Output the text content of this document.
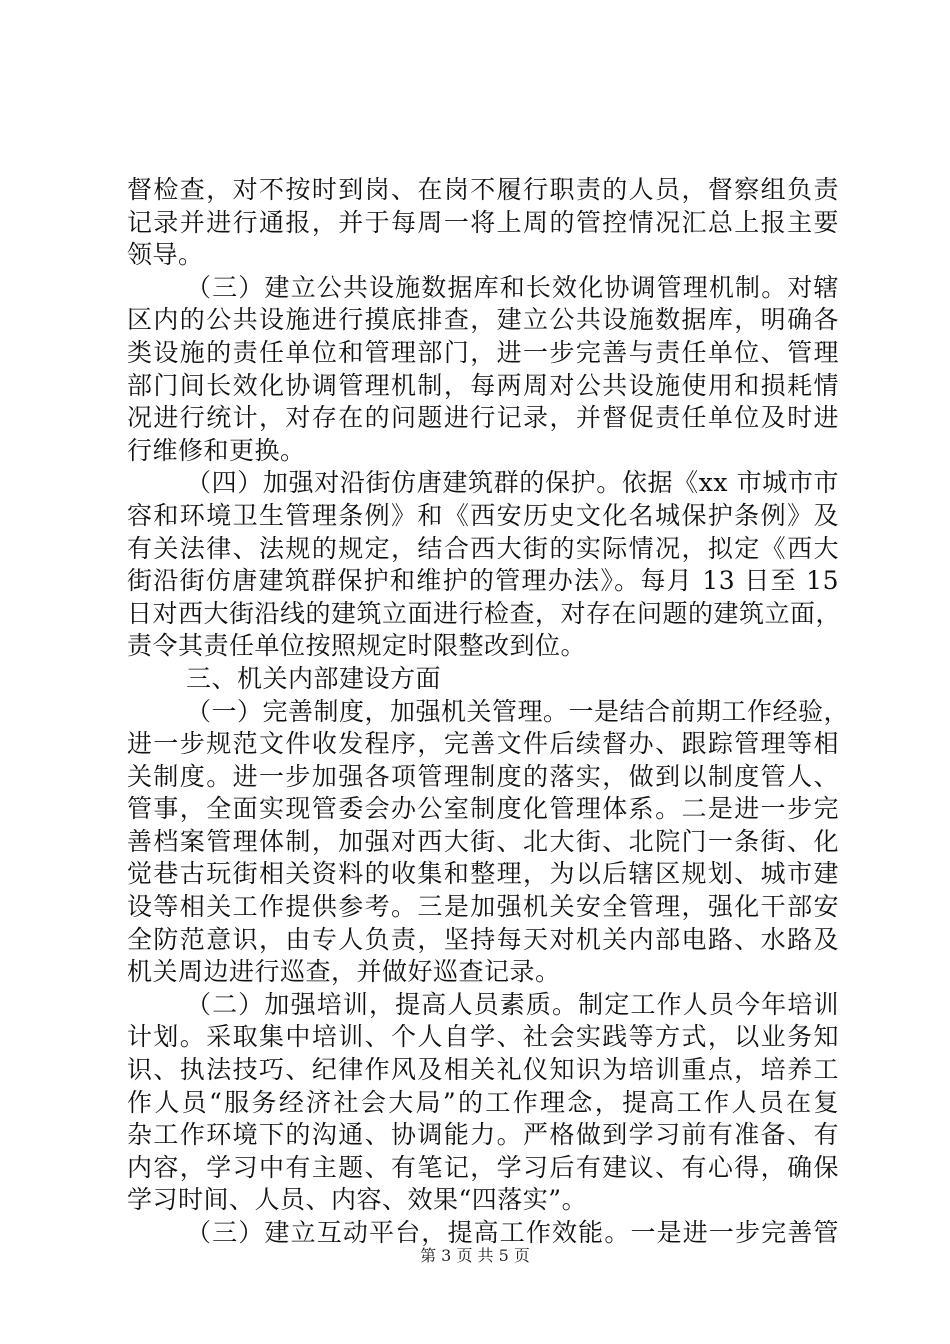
督检查，对不按时到岗、在岗不履行职责的人员，督察组负责
记录并进行通报，并于每周一将上周的管控情况汇总上报主要
领导。
（三）建立公共设施数据库和长效化协调管理机制。对辖
区内的公共设施进行摸底排查，建立公共设施数据库，明确各
类设施的责任单位和管理部门，进一步完善与责任单位、管理
部门间长效化协调管理机制，每两周对公共设施使用和损耗情
况进行统计，对存在的问题进行记录，并督促责任单位及时进
行维修和更换。
（四）加强对沿街仿唐建筑群的保护。依据《xx 市城市市
容和环境卫生管理条例》和《西安历史文化名城保护条例》及
有关法律、法规的规定，结合西大街的实际情况，拟定《西大
街沿街仿唐建筑群保护和维护的管理办法》。每月 13 日至 15
日对西大街沿线的建筑立面进行检查，对存在问题的建筑立面，
责令其责任单位按照规定时限整改到位。
三、机关内部建设方面
（一）完善制度，加强机关管理。一是结合前期工作经验，
进一步规范文件收发程序，完善文件后续督办、跟踪管理等相
关制度。进一步加强各项管理制度的落实，做到以制度管人、
管事，全面实现管委会办公室制度化管理体系。二是进一步完
善档案管理体制，加强对西大街、北大街、北院门一条街、化
觉巷古玩街相关资料的收集和整理，为以后辖区规划、城市建
设等相关工作提供参考。三是加强机关安全管理，强化干部安
全防范意识，由专人负责，坚持每天对机关内部电路、水路及
机关周边进行巡查，并做好巡查记录。
（二）加强培训，提高人员素质。制定工作人员今年培训
计划。采取集中培训、个人自学、社会实践等方式，以业务知
识、执法技巧、纪律作风及相关礼仪知识为培训重点，培养工
作人员“服务经济社会大局”的工作理念，提高工作人员在复
杂工作环境下的沟通、协调能力。严格做到学习前有准备、有
内容，学习中有主题、有笔记，学习后有建议、有心得，确保
学习时间、人员、内容、效果“四落实”。
（三）建立互动平台，提高工作效能。一是进一步完善管
第 3 页 共 5 页
